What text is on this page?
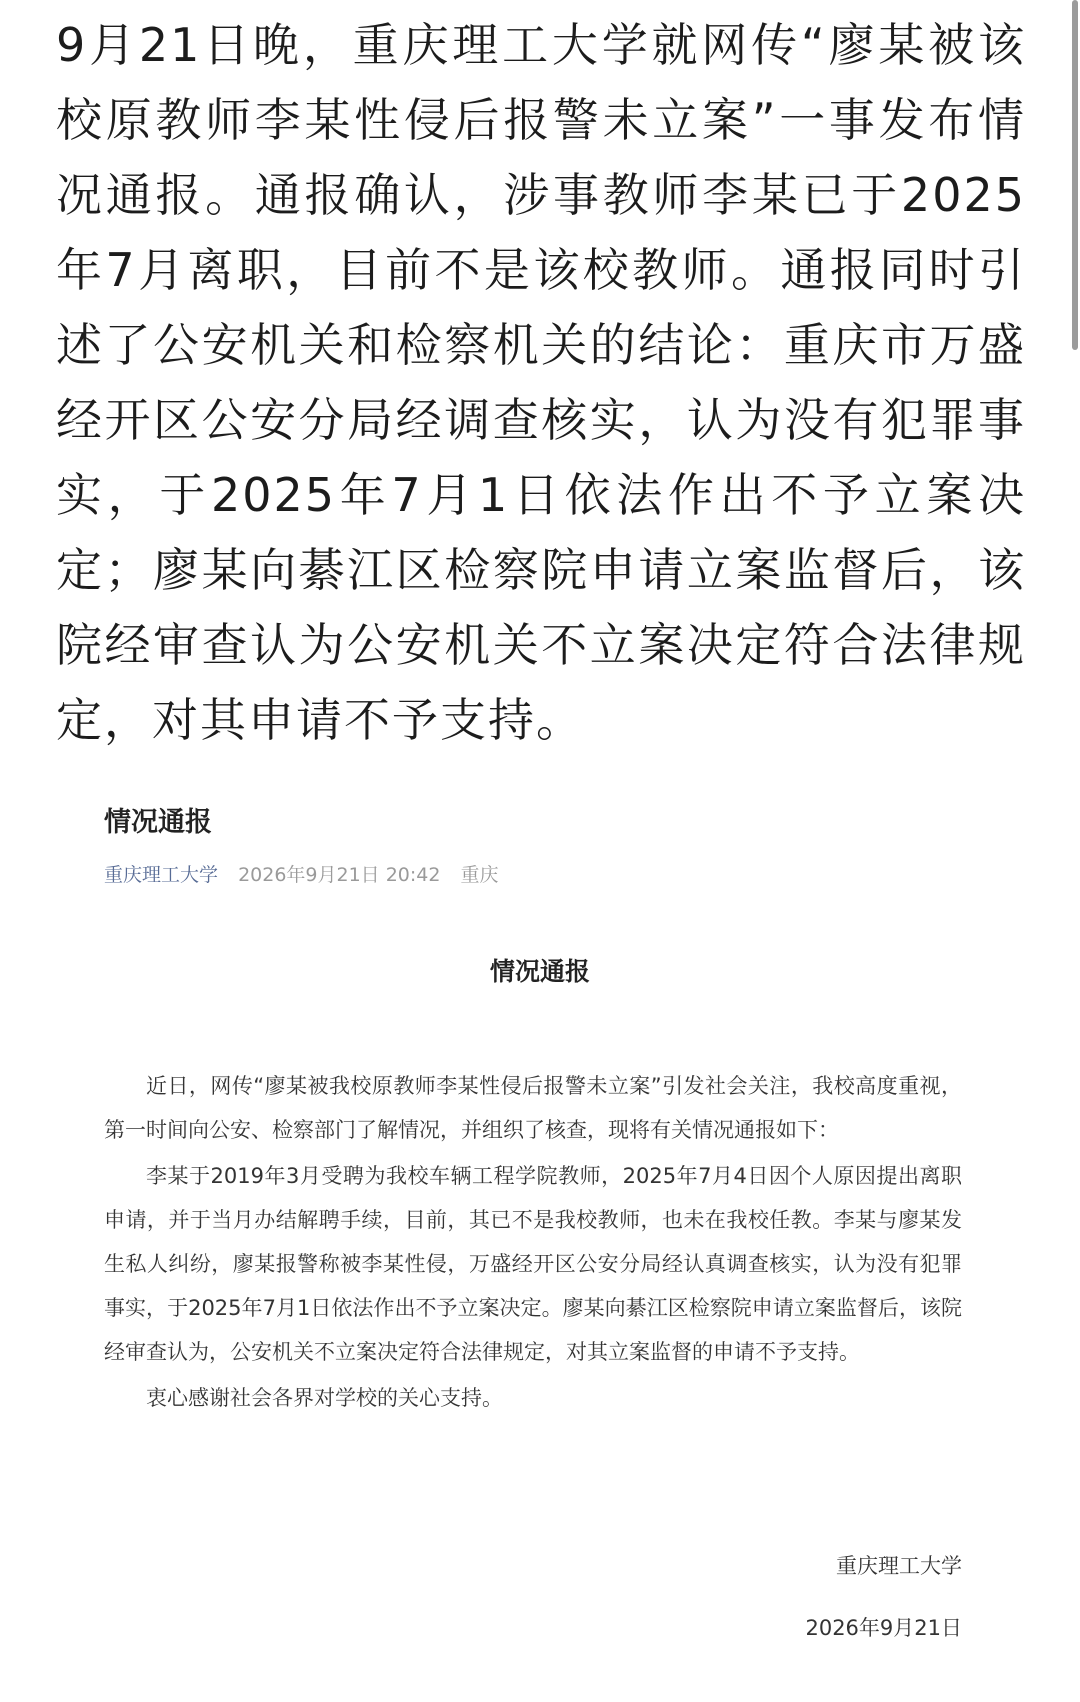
9月21日晚，重庆理工大学就网传“廖某被该校原教师李某性侵后报警未立案”一事发布情况通报。通报确认，涉事教师李某已于2025年7月离职，目前不是该校教师。通报同时引述了公安机关和检察机关的结论：重庆市万盛经开区公安分局经调查核实，认为没有犯罪事实，于2025年7月1日依法作出不予立案决定；廖某向綦江区检察院申请立案监督后，该院经审查认为公安机关不立案决定符合法律规定，对其申请不予支持。
情况通报
重庆理工大学 2026年9月21日 20:42 重庆
情况通报

近日，网传“廖某被我校原教师李某性侵后报警未立案”引发社会关注，我校高度重视，第一时间向公安、检察部门了解情况，并组织了核查，现将有关情况通报如下：

李某于2019年3月受聘为我校车辆工程学院教师，2025年7月4日因个人原因提出离职申请，并于当月办结解聘手续，目前，其已不是我校教师，也未在我校任教。李某与廖某发生私人纠纷，廖某报警称被李某性侵，万盛经开区公安分局经认真调查核实，认为没有犯罪事实，于2025年7月1日依法作出不予立案决定。廖某向綦江区检察院申请立案监督后，该院经审查认为，公安机关不立案决定符合法律规定，对其立案监督的申请不予支持。

衷心感谢社会各界对学校的关心支持。

重庆理工大学
2026年9月21日
